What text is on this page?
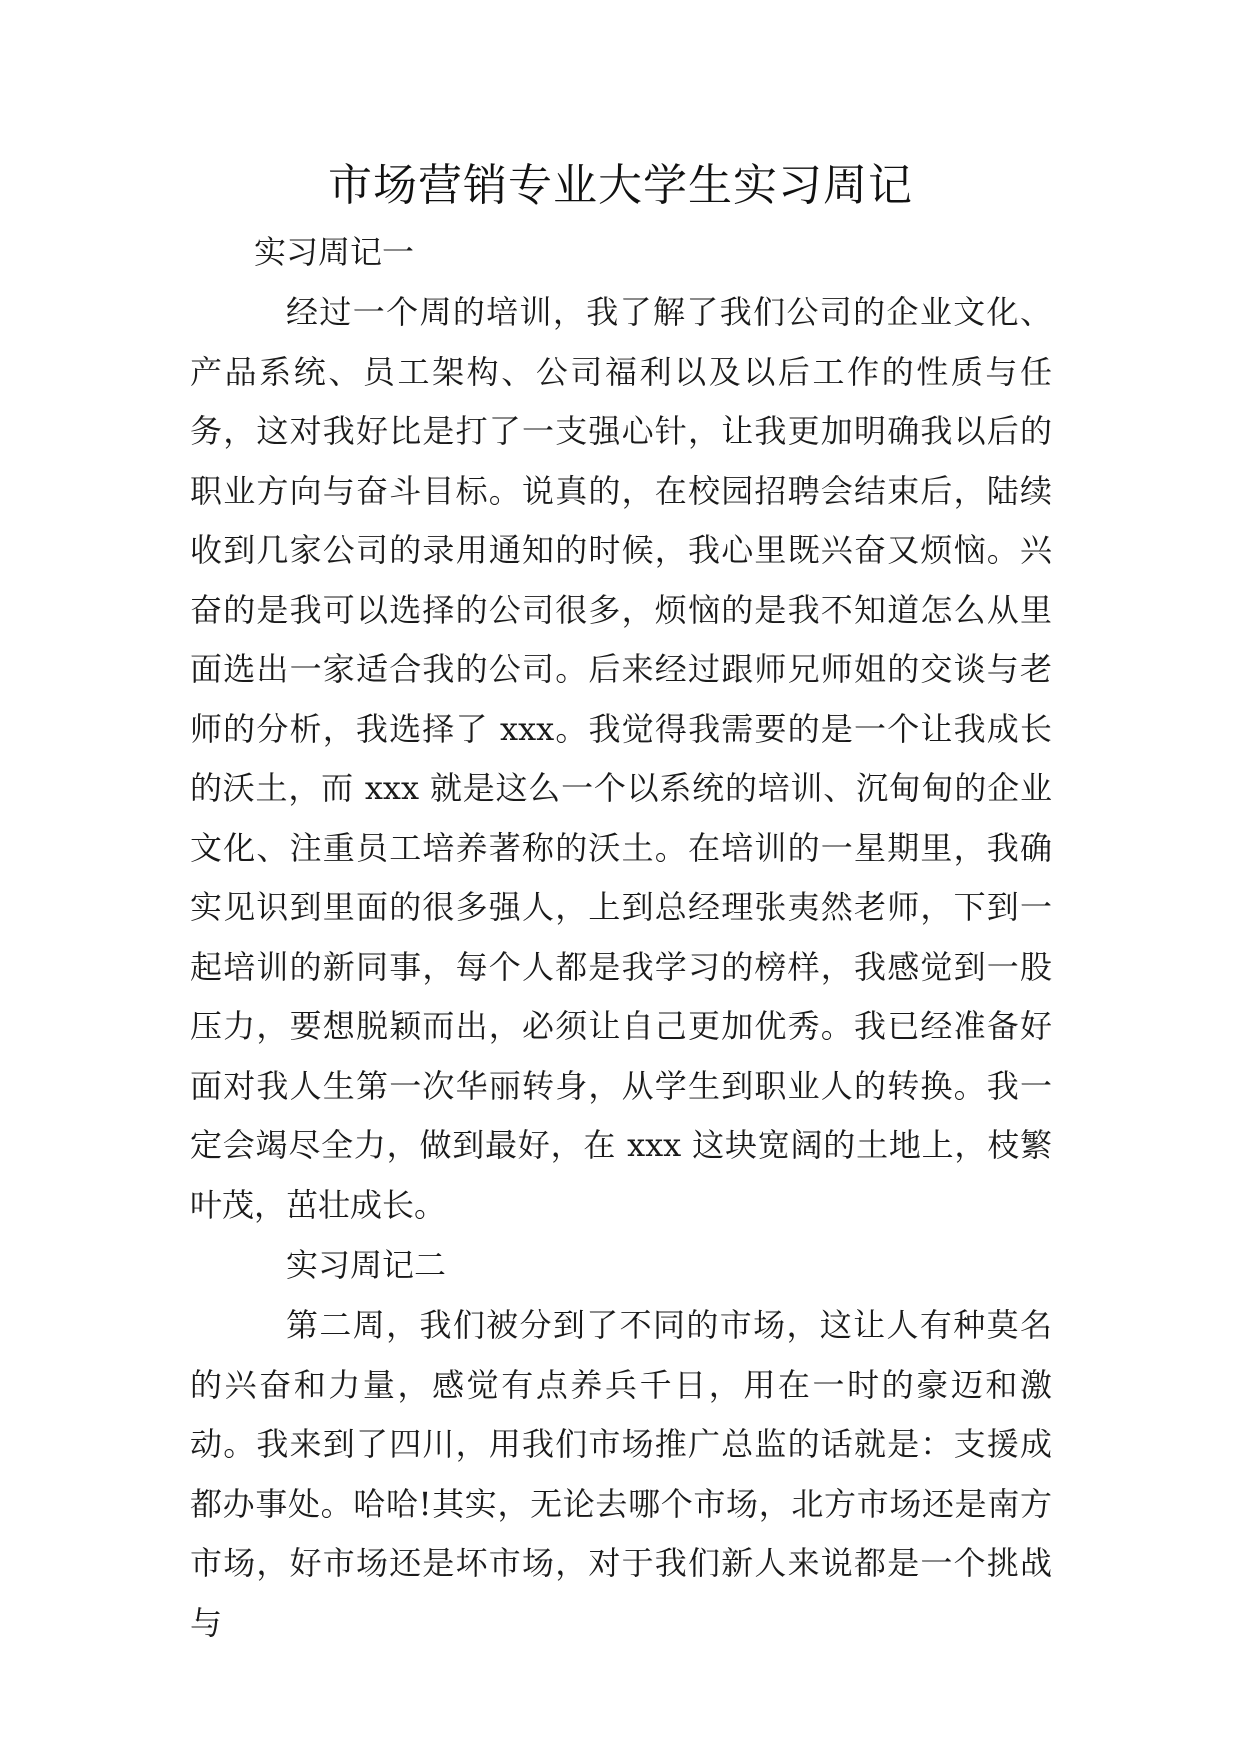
市场营销专业大学生实习周记
实习周记一

经过一个周的培训，我了解了我们公司的企业文化、产品系统、员工架构、公司福利以及以后工作的性质与任务，这对我好比是打了一支强心针，让我更加明确我以后的职业方向与奋斗目标。说真的，在校园招聘会结束后，陆续收到几家公司的录用通知的时候，我心里既兴奋又烦恼。兴奋的是我可以选择的公司很多，烦恼的是我不知道怎么从里面选出一家适合我的公司。后来经过跟师兄师姐的交谈与老师的分析，我选择了 xxx。我觉得我需要的是一个让我成长的沃土，而 xxx 就是这么一个以系统的培训、沉甸甸的企业文化、注重员工培养著称的沃土。在培训的一星期里，我确实见识到里面的很多强人，上到总经理张夷然老师，下到一起培训的新同事，每个人都是我学习的榜样，我感觉到一股压力，要想脱颖而出，必须让自己更加优秀。我已经准备好面对我人生第一次华丽转身，从学生到职业人的转换。我一定会竭尽全力，做到最好，在 xxx 这块宽阔的土地上，枝繁叶茂，茁壮成长。

实习周记二

第二周，我们被分到了不同的市场，这让人有种莫名的兴奋和力量，感觉有点养兵千日，用在一时的豪迈和激动。我来到了四川，用我们市场推广总监的话就是：支援成都办事处。哈哈!其实，无论去哪个市场，北方市场还是南方市场，好市场还是坏市场，对于我们新人来说都是一个挑战与
